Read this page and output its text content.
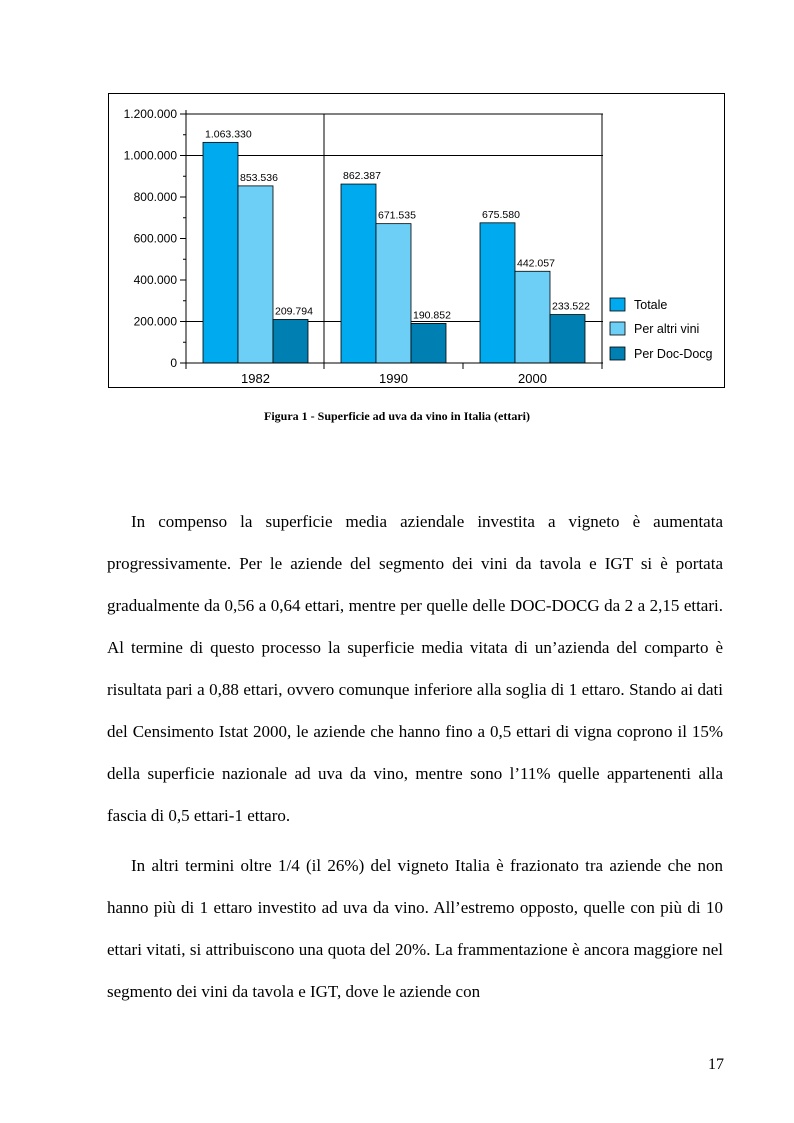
1.063.330
862.387
675.580
853.536
671.535
442.057
209.794	190.852
233.522
0
200.000
400.000
600.000
800.000
1.000.000
1.200.000
1982	1990	2000
Totale
Per altri vini
Per Doc-Docg
Figura 1 - Superficie ad uva da vino in Italia (ettari)

In compenso la superficie media aziendale investita a vigneto è aumentata progressivamente. Per le aziende del segmento dei vini da tavola e IGT si è portata gradualmente da 0,56 a 0,64 ettari, mentre per quelle delle DOC-DOCG da 2 a 2,15 ettari. Al termine di questo processo la superficie media vitata di un’azienda del comparto è risultata pari a 0,88 ettari, ovvero comunque inferiore alla soglia di 1 ettaro. Stando ai dati del Censimento Istat 2000, le aziende che hanno fino a 0,5 ettari di vigna coprono il 15% della superficie nazionale ad uva da vino, mentre sono l’11% quelle appartenenti alla fascia di 0,5 ettari-1 ettaro.

In altri termini oltre 1/4 (il 26%) del vigneto Italia è frazionato tra aziende che non hanno più di 1 ettaro investito ad uva da vino. All’estremo opposto, quelle con più di 10 ettari vitati, si attribuiscono una quota del 20%. La frammentazione è ancora maggiore nel segmento dei vini da tavola e IGT, dove le aziende con

17
